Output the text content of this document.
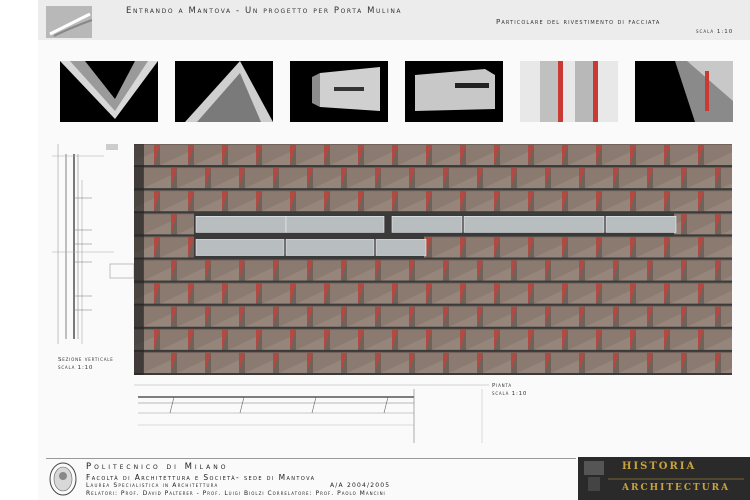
Entrando a Mantova - Un progetto per Porta Mulina
Particolare del rivestimento di facciata
scala 1:10
Sezione verticale
scala 1:10
Pianta
scala 1:10
Politecnico di Milano
Facoltà di Architettura e Società- sede di Mantova
Laurea Specialistica in Architettura	A/A 2004/2005
Relatori: Prof. David Palterer - Prof. Luigi Biolzi Correlatore: Prof. Paolo Mancini
HISTORIA
ARCHITECTURA
